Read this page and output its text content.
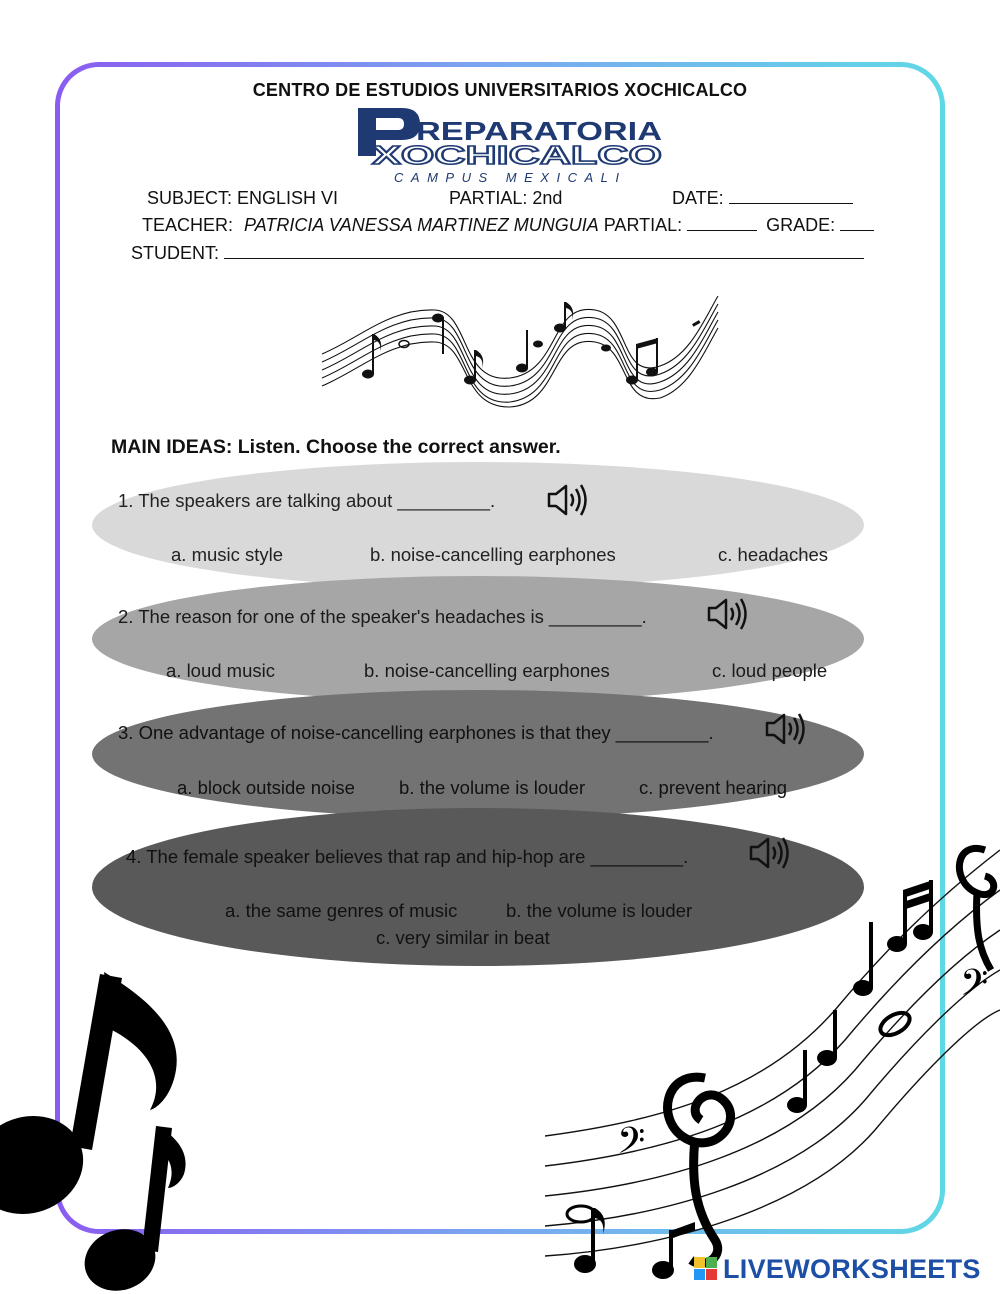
CENTRO DE ESTUDIOS UNIVERSITARIOS XOCHICALCO
REPARATORIA
XOCHICALCO
CAMPUS MEXICALI
SUBJECT: ENGLISH VI	PARTIAL: 2nd	DATE:
TEACHER: PATRICIA VANESSA MARTINEZ MUNGUIA PARTIAL:	GRADE:
STUDENT:
MAIN IDEAS: Listen. Choose the correct answer.
1. The speakers are talking about _________.
a. music style	b. noise-cancelling earphones	c. headaches
2. The reason for one of the speaker's headaches is _________.
a. loud music	b. noise-cancelling earphones	c. loud people
3. One advantage of noise-cancelling earphones is that they _________.
a. block outside noise b. the volume is louder	c. prevent hearing
4. The female speaker believes that rap and hip-hop are _________.
a. the same genres of music	b. the volume is louder
c. very similar in beat
𝄢
𝄢
LIVEWORKSHEETS
